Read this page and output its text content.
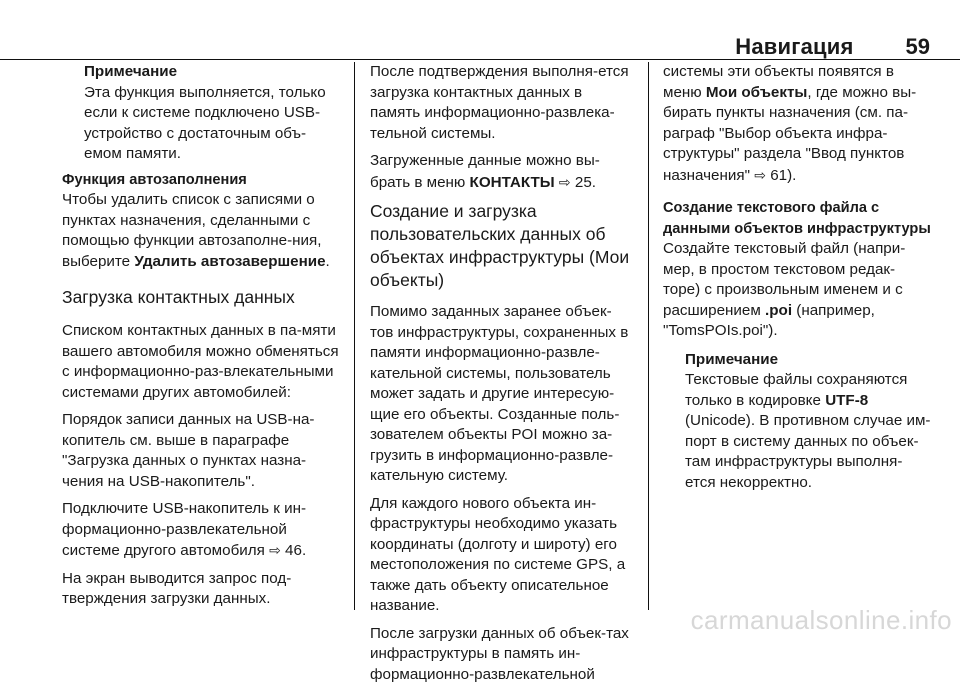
Навигация 59
Примечание
Эта функция выполняется, только если к системе подключено USB-устройство с достаточным объ-емом памяти.
Функция автозаполнения

Чтобы удалить список с записями о пунктах назначения, сделанными с помощью функции автозаполне-ния, выберите Удалить автозавершение.

Загрузка контактных данных

Списком контактных данных в па-мяти вашего автомобиля можно обменяться с информационно-раз-влекательными системами других автомобилей:

Порядок записи данных на USB-на-копитель см. выше в параграфе "Загрузка данных о пунктах назна-чения на USB-накопитель".

Подключите USB-накопитель к ин-формационно-развлекательной системе другого автомобиля ⇨ 46.

На экран выводится запрос под-тверждения загрузки данных.

После подтверждения выполня-ется загрузка контактных данных в память информационно-развлека-тельной системы.

Загруженные данные можно вы-брать в меню КОНТАКТЫ ⇨ 25.

Создание и загрузка пользовательских данных об объектах инфраструктуры (Мои объекты)

Помимо заданных заранее объек-тов инфраструктуры, сохраненных в памяти информационно-развле-кательной системы, пользователь может задать и другие интересую-щие его объекты. Созданные поль-зователем объекты POI можно за-грузить в информационно-развле-кательную систему.

Для каждого нового объекта ин-фраструктуры необходимо указать координаты (долготу и широту) его местоположения по системе GPS, а также дать объекту описательное название.

После загрузки данных об объек-тах инфраструктуры в память ин-формационно-развлекательной

системы эти объекты появятся в меню Мои объекты, где можно вы-бирать пункты назначения (см. па-раграф "Выбор объекта инфра-структуры" раздела "Ввод пунктов назначения" ⇨ 61).

Создание текстового файла с данными объектов инфраструктуры

Создайте текстовый файл (напри-мер, в простом текстовом редак-торе) с произвольным именем и с расширением .poi (например, "TomsPOIs.poi").

Примечание
Текстовые файлы сохраняются только в кодировке UTF-8 (Unicode). В противном случае им-порт в систему данных по объек-там инфраструктуры выполня-ется некорректно.
carmanualsonline.info
